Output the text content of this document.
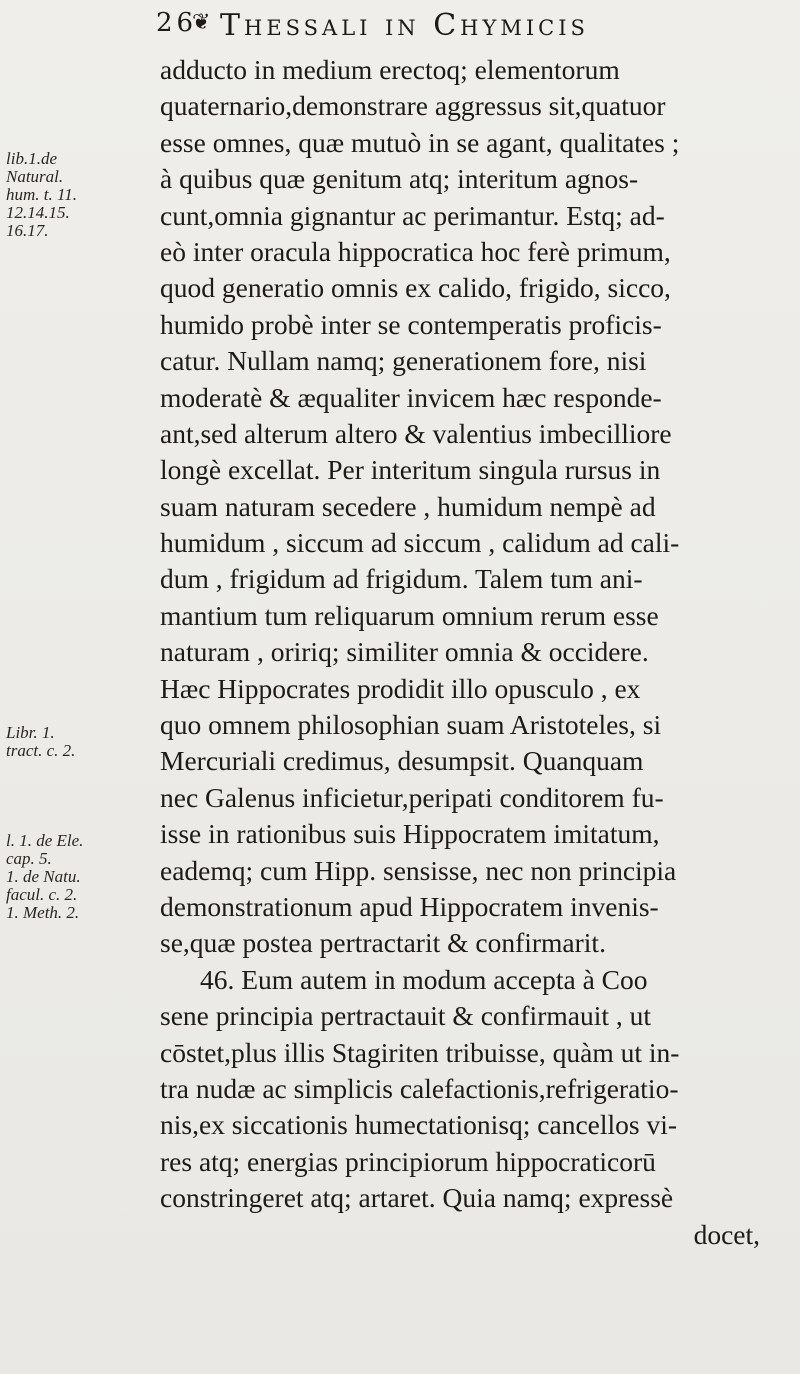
26
❦ Thessali in Chymicis
lib.1.de
Natural.
hum. t. 11.
12.14.15.
16.17.
Libr. 1.
tract. c. 2.
l. 1. de Ele.
cap. 5.
1. de Natu.
facul. c. 2.
1. Meth. 2.
adducto in medium erectoq; elementorum
quaternario,demonstrare aggressus sit,quatuor
esse omnes, quæ mutuò in se agant, qualitates ;
à quibus quæ genitum atq; interitum agnos-
cunt,omnia gignantur ac perimantur. Estq; ad-
eò inter oracula hippocratica hoc ferè primum,
quod generatio omnis ex calido, frigido, sicco,
humido probè inter se contemperatis proficis-
catur. Nullam namq; generationem fore, nisi
moderatè & æqualiter invicem hæc responde-
ant,sed alterum altero & valentius imbecilliore
longè excellat. Per interitum singula rursus in
suam naturam secedere , humidum nempè ad
humidum , siccum ad siccum , calidum ad cali-
dum , frigidum ad frigidum. Talem tum ani-
mantium tum reliquarum omnium rerum esse
naturam , oririq; similiter omnia & occidere.
Hæc Hippocrates prodidit illo opusculo , ex
quo omnem philosophian suam Aristoteles, si
Mercuriali credimus, desumpsit. Quanquam
nec Galenus inficietur,peripati conditorem fu-
isse in rationibus suis Hippocratem imitatum,
eademq; cum Hipp. sensisse, nec non principia
demonstrationum apud Hippocratem invenis-
se,quæ postea pertractarit & confirmarit.
46. Eum autem in modum accepta à Coo
sene principia pertractauit & confirmauit , ut
cōstet,plus illis Stagiriten tribuisse, quàm ut in-
tra nudæ ac simplicis calefactionis,refrigeratio-
nis,ex siccationis humectationisq; cancellos vi-
res atq; energias principiorum hippocraticorū
constringeret atq; artaret. Quia namq; expressè
docet,
